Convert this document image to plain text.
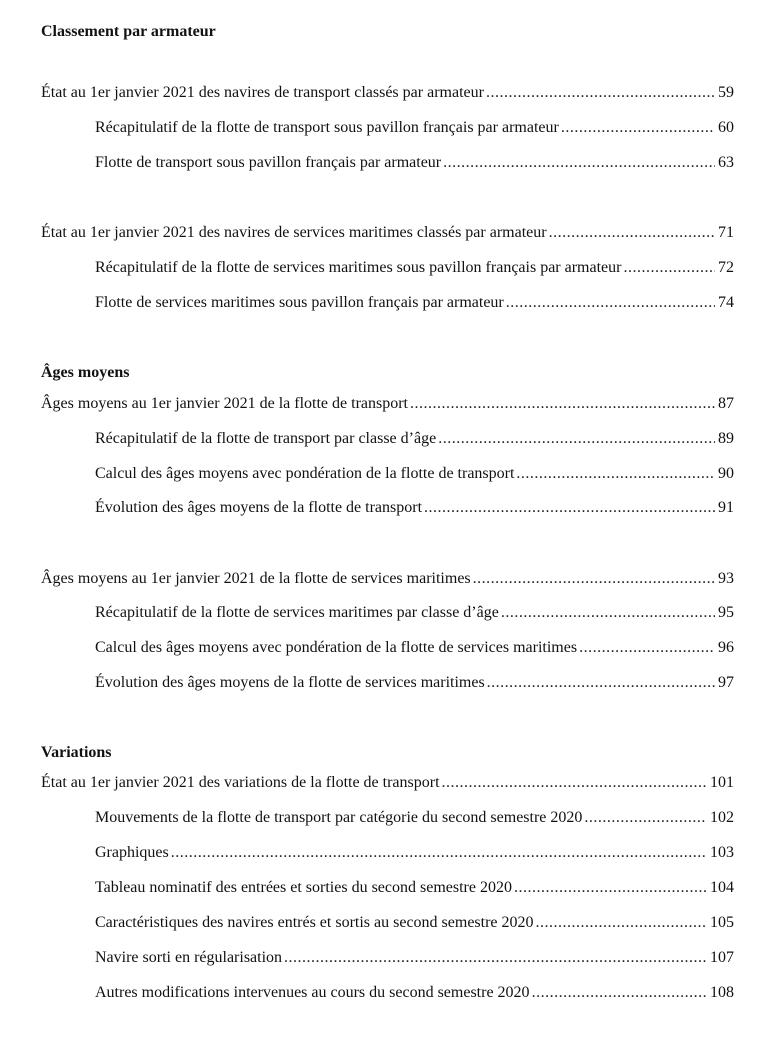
Classement par armateur
État au 1er janvier 2021 des navires de transport classés par armateur .....	59
Récapitulatif de la flotte de transport sous pavillon français par armateur .....	60
Flotte de transport sous pavillon français par armateur .....	63
État au 1er janvier 2021 des navires de services maritimes classés par armateur .....	71
Récapitulatif de la flotte de services maritimes sous pavillon français par armateur .....	72
Flotte de services maritimes sous pavillon français par armateur .....	74
Âges moyens
Âges moyens au 1er janvier 2021 de la flotte de transport .....	87
Récapitulatif de la flotte de transport par classe d’âge .....	89
Calcul des âges moyens avec pondération de la flotte de transport .....	90
Évolution des âges moyens de la flotte de transport .....	91
Âges moyens au 1er janvier 2021 de la flotte de services maritimes .....	93
Récapitulatif de la flotte de services maritimes par classe d’âge .....	95
Calcul des âges moyens avec pondération de la flotte de services maritimes .....	96
Évolution des âges moyens de la flotte de services maritimes .....	97
Variations
État au 1er janvier 2021 des variations de la flotte de transport .....	101
Mouvements de la flotte de transport par catégorie du second semestre 2020 .....	102
Graphiques .....	103
Tableau nominatif des entrées et sorties du second semestre 2020 .....	104
Caractéristiques des navires entrés et sortis au second semestre 2020 .....	105
Navire sorti en régularisation .....	107
Autres modifications intervenues au cours du second semestre 2020 .....	108
